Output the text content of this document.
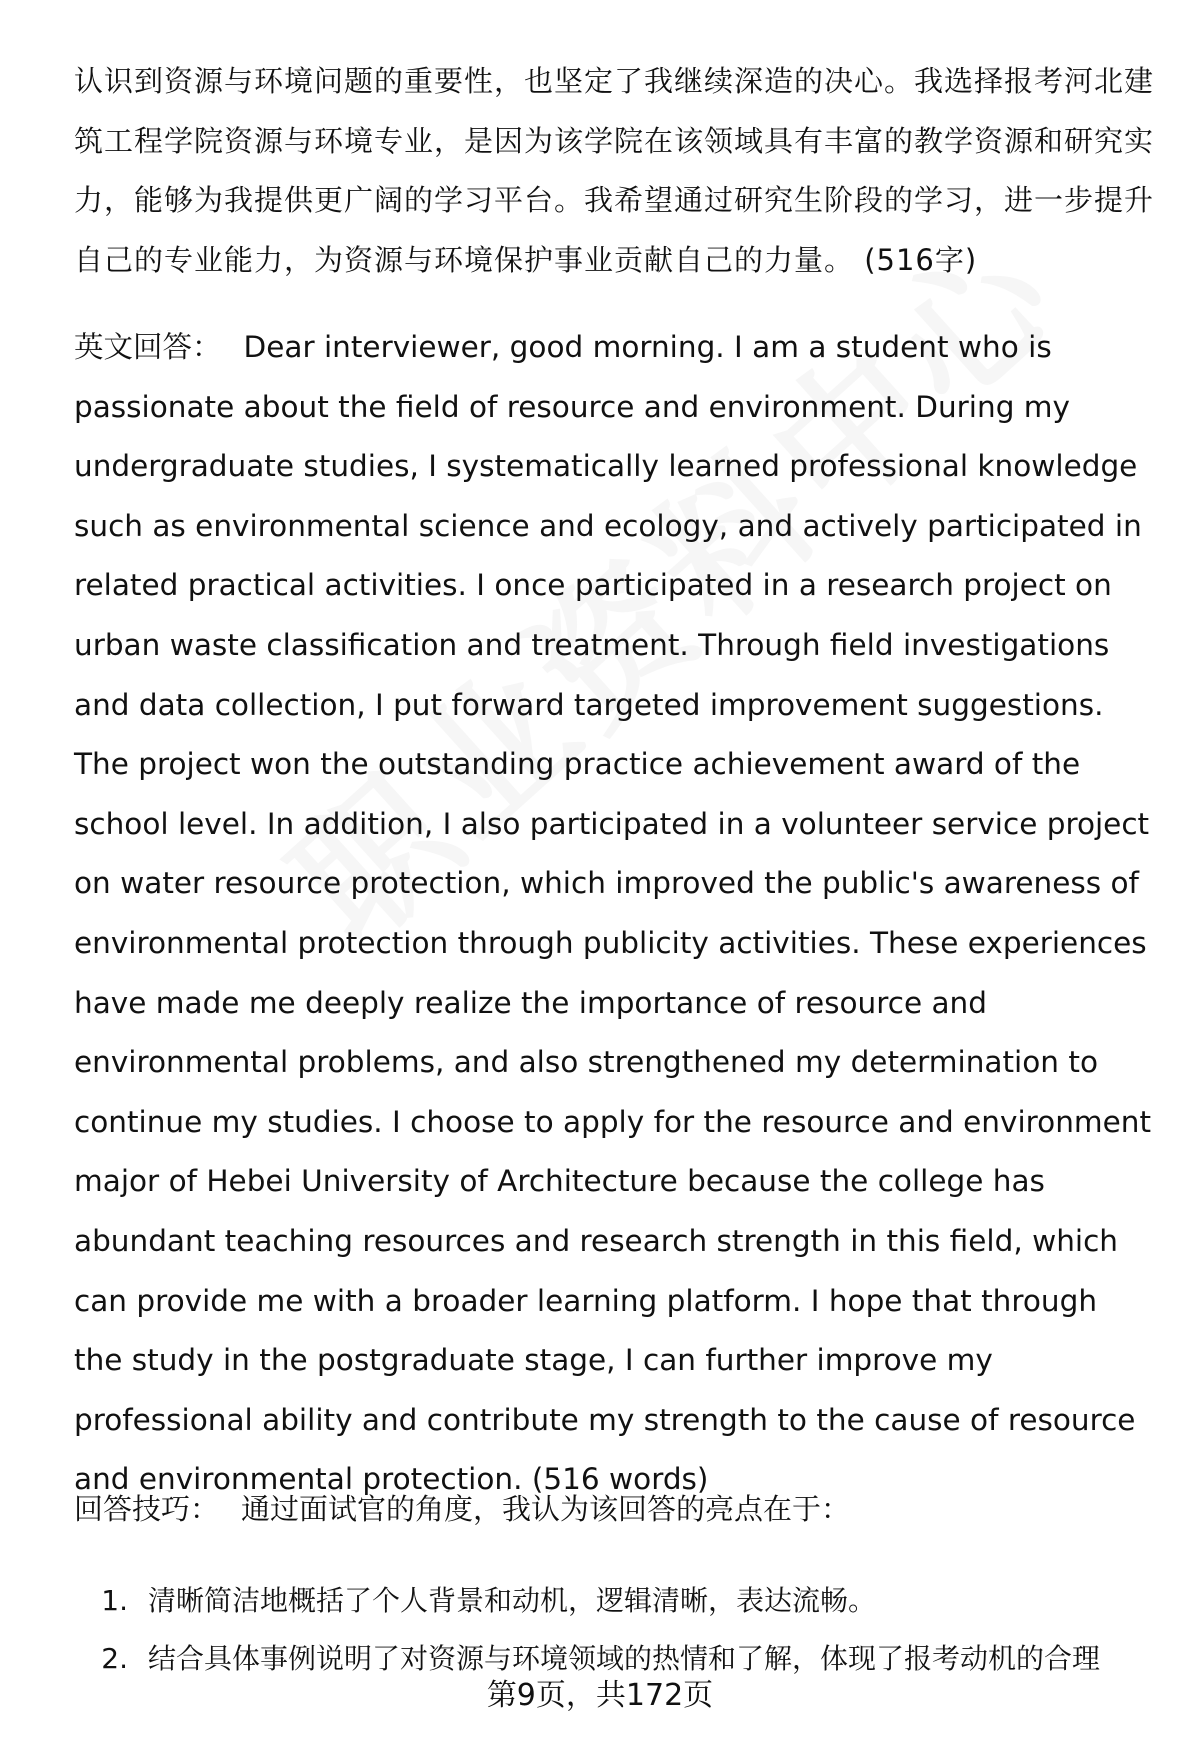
认识到资源与环境问题的重要性，也坚定了我继续深造的决心。我选择报考河北建筑工程学院资源与环境专业，是因为该学院在该领域具有丰富的教学资源和研究实力，能够为我提供更广阔的学习平台。我希望通过研究生阶段的学习，进一步提升自己的专业能力，为资源与环境保护事业贡献自己的力量。 (516字)

英文回答： Dear interviewer, good morning. I am a student who is passionate about the field of resource and environment. During my undergraduate studies, I systematically learned professional knowledge such as environmental science and ecology, and actively participated in related practical activities. I once participated in a research project on urban waste classification and treatment. Through field investigations and data collection, I put forward targeted improvement suggestions. The project won the outstanding practice achievement award of the school level. In addition, I also participated in a volunteer service project on water resource protection, which improved the public's awareness of environmental protection through publicity activities. These experiences have made me deeply realize the importance of resource and environmental problems, and also strengthened my determination to continue my studies. I choose to apply for the resource and environment major of Hebei University of Architecture because the college has abundant teaching resources and research strength in this field, which can provide me with a broader learning platform. I hope that through the study in the postgraduate stage, I can further improve my professional ability and contribute my strength to the cause of resource and environmental protection. (516 words)

回答技巧： 通过面试官的角度，我认为该回答的亮点在于：

1. 清晰简洁地概括了个人背景和动机，逻辑清晰，表达流畅。
2. 结合具体事例说明了对资源与环境领域的热情和了解，体现了报考动机的合理
第9页，共172页
